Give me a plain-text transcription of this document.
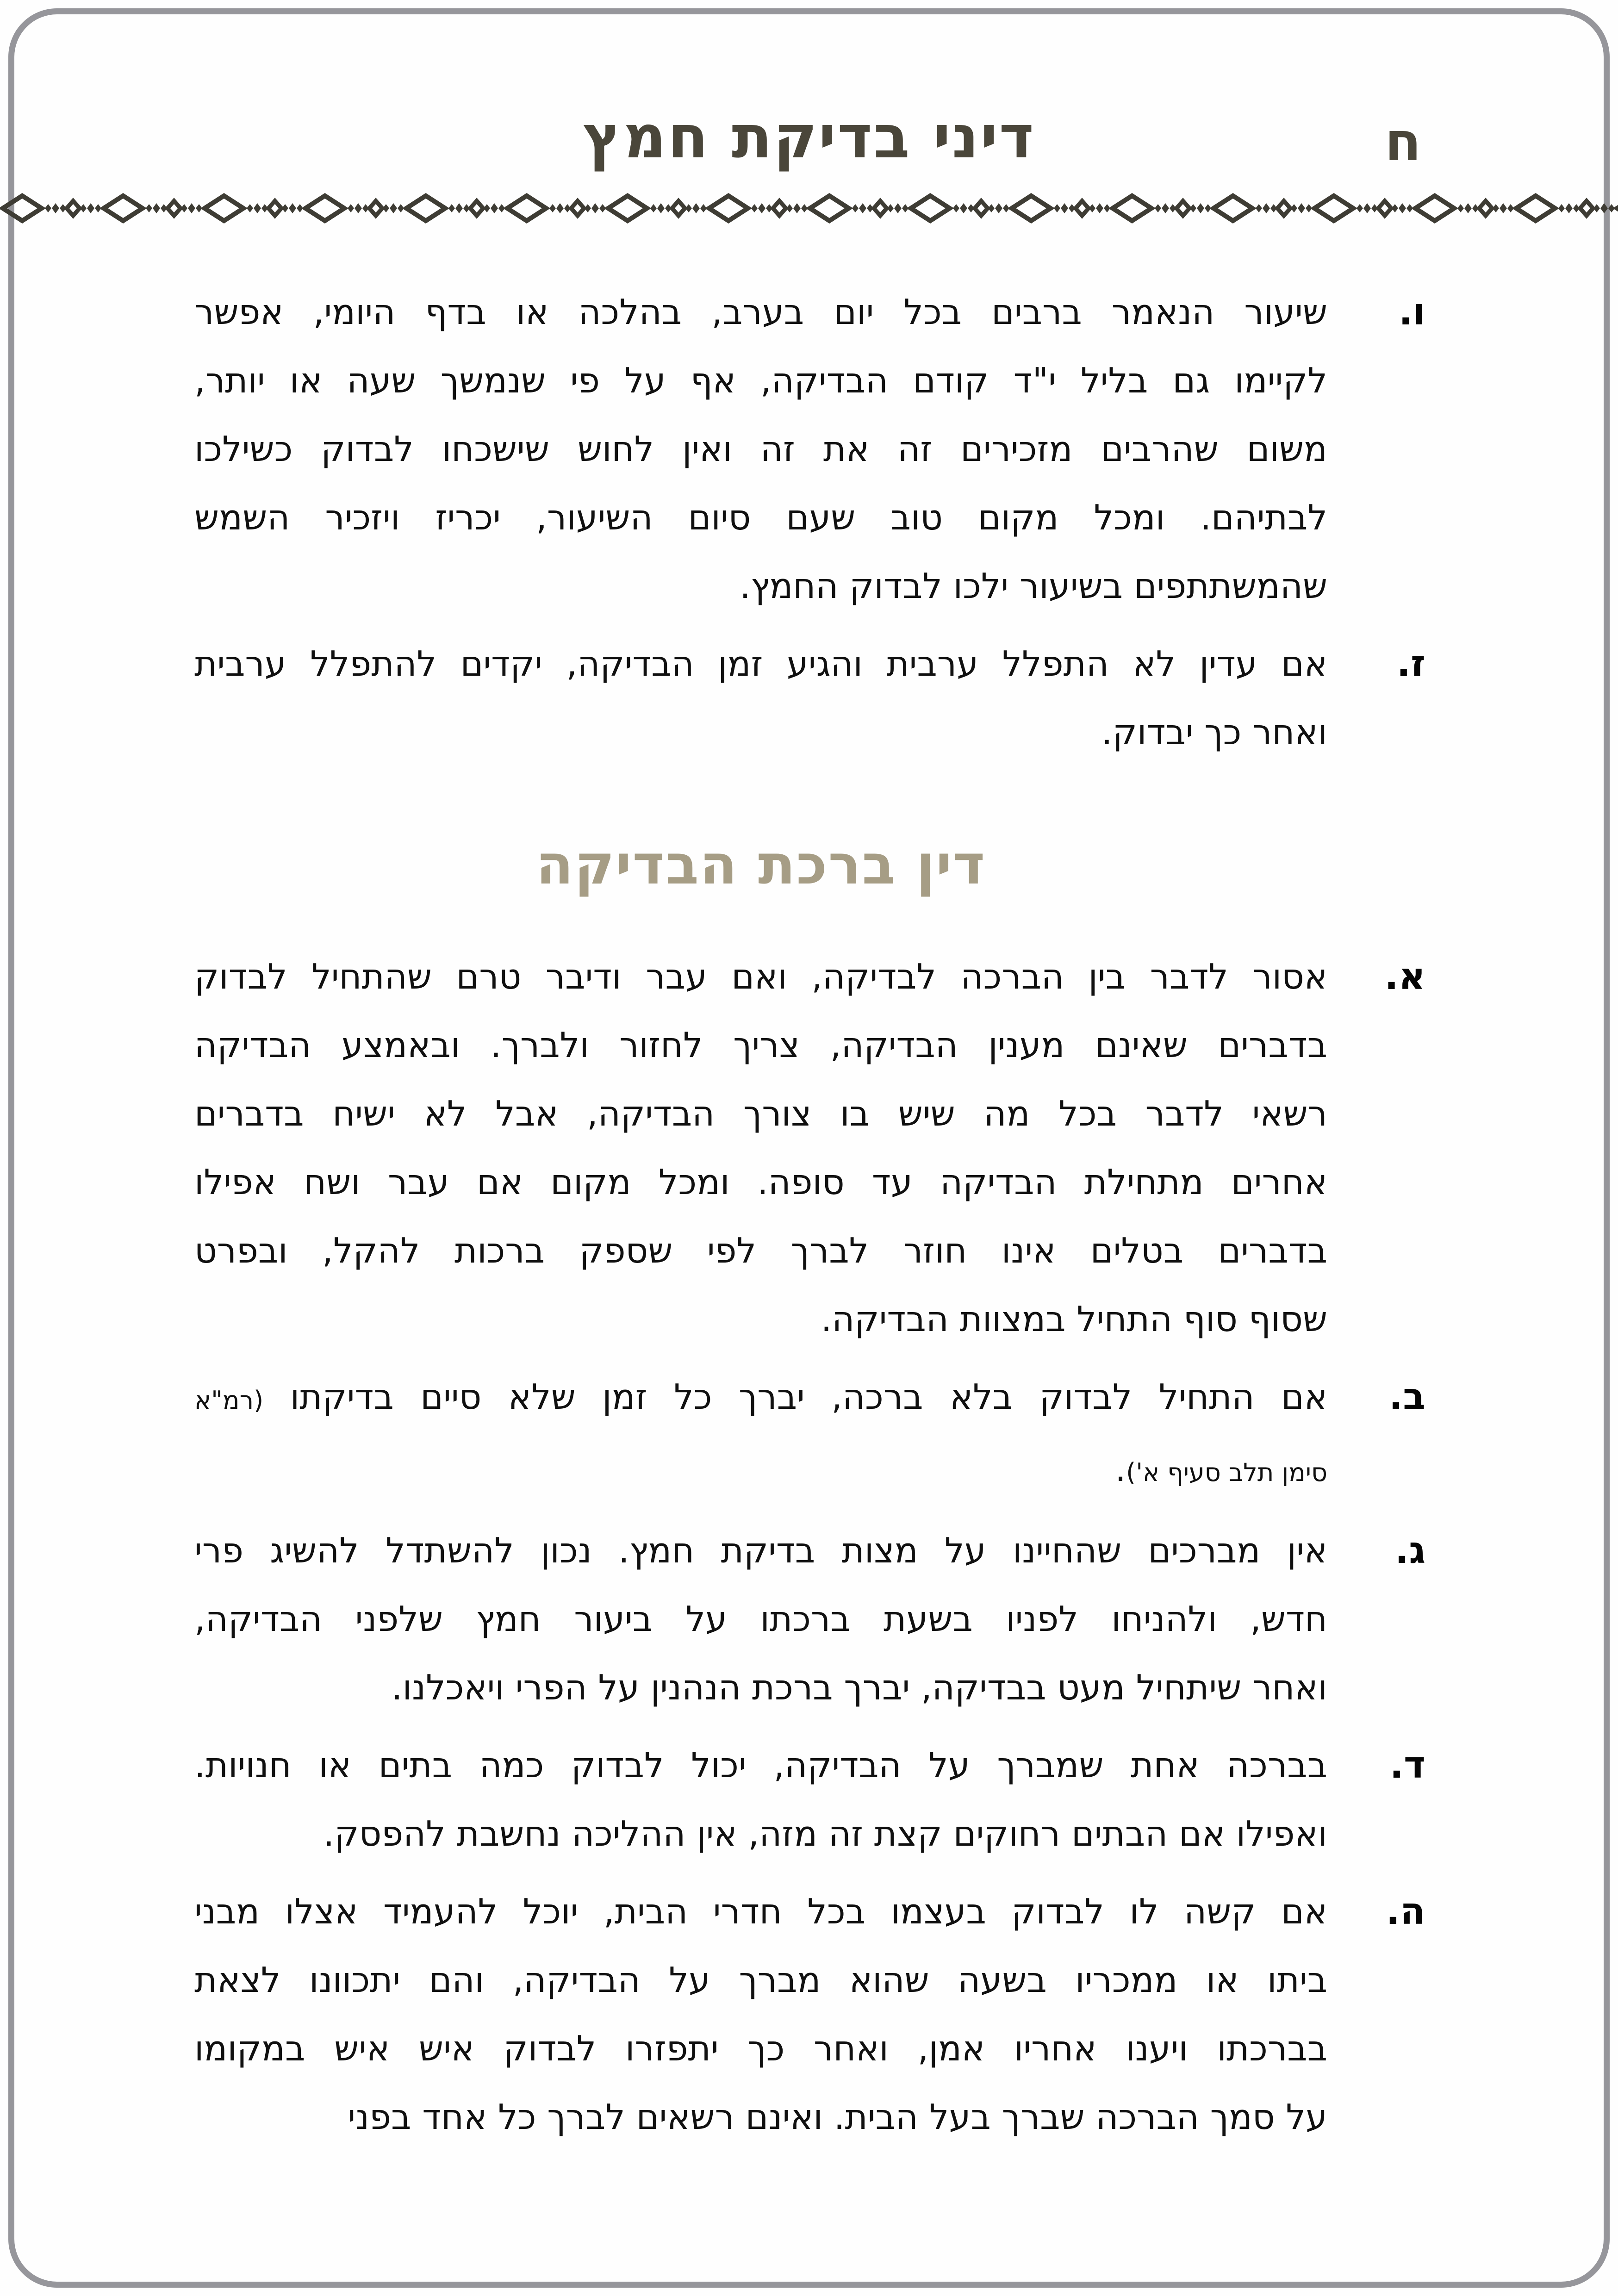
דיני בדיקת חמץ	ח
ו.
שיעור הנאמר ברבים בכל יום בערב, בהלכה או בדף היומי, אפשר
לקיימו גם בליל י"ד קודם הבדיקה, אף על פי שנמשך שעה או יותר,
משום שהרבים מזכירים זה את זה ואין לחוש שישכחו לבדוק כשילכו
לבתיהם. ומכל מקום טוב שעם סיום השיעור, יכריז ויזכיר השמש
שהמשתתפים בשיעור ילכו לבדוק החמץ.
ז.
אם עדין לא התפלל ערבית והגיע זמן הבדיקה, יקדים להתפלל ערבית
ואחר כך יבדוק.
דין ברכת הבדיקה
א.
אסור לדבר בין הברכה לבדיקה, ואם עבר ודיבר טרם שהתחיל לבדוק
בדברים שאינם מענין הבדיקה, צריך לחזור ולברך. ובאמצע הבדיקה
רשאי לדבר בכל מה שיש בו צורך הבדיקה, אבל לא ישיח בדברים
אחרים מתחילת הבדיקה עד סופה. ומכל מקום אם עבר ושח אפילו
בדברים בטלים אינו חוזר לברך לפי שספק ברכות להקל, ובפרט
שסוף סוף התחיל במצוות הבדיקה.
ב.
אם התחיל לבדוק בלא ברכה, יברך כל זמן שלא סיים בדיקתו (רמ"א
סימן תלב סעיף א').
ג.
אין מברכים שהחיינו על מצות בדיקת חמץ. נכון להשתדל להשיג פרי
חדש, ולהניחו לפניו בשעת ברכתו על ביעור חמץ שלפני הבדיקה,
ואחר שיתחיל מעט בבדיקה, יברך ברכת הנהנין על הפרי ויאכלנו.
ד.
בברכה אחת שמברך על הבדיקה, יכול לבדוק כמה בתים או חנויות.
ואפילו אם הבתים רחוקים קצת זה מזה, אין ההליכה נחשבת להפסק.
ה.
אם קשה לו לבדוק בעצמו בכל חדרי הבית, יוכל להעמיד אצלו מבני
ביתו או ממכריו בשעה שהוא מברך על הבדיקה, והם יתכוונו לצאת
בברכתו ויענו אחריו אמן, ואחר כך יתפזרו לבדוק איש איש במקומו
על סמך הברכה שברך בעל הבית. ואינם רשאים לברך כל אחד בפני
